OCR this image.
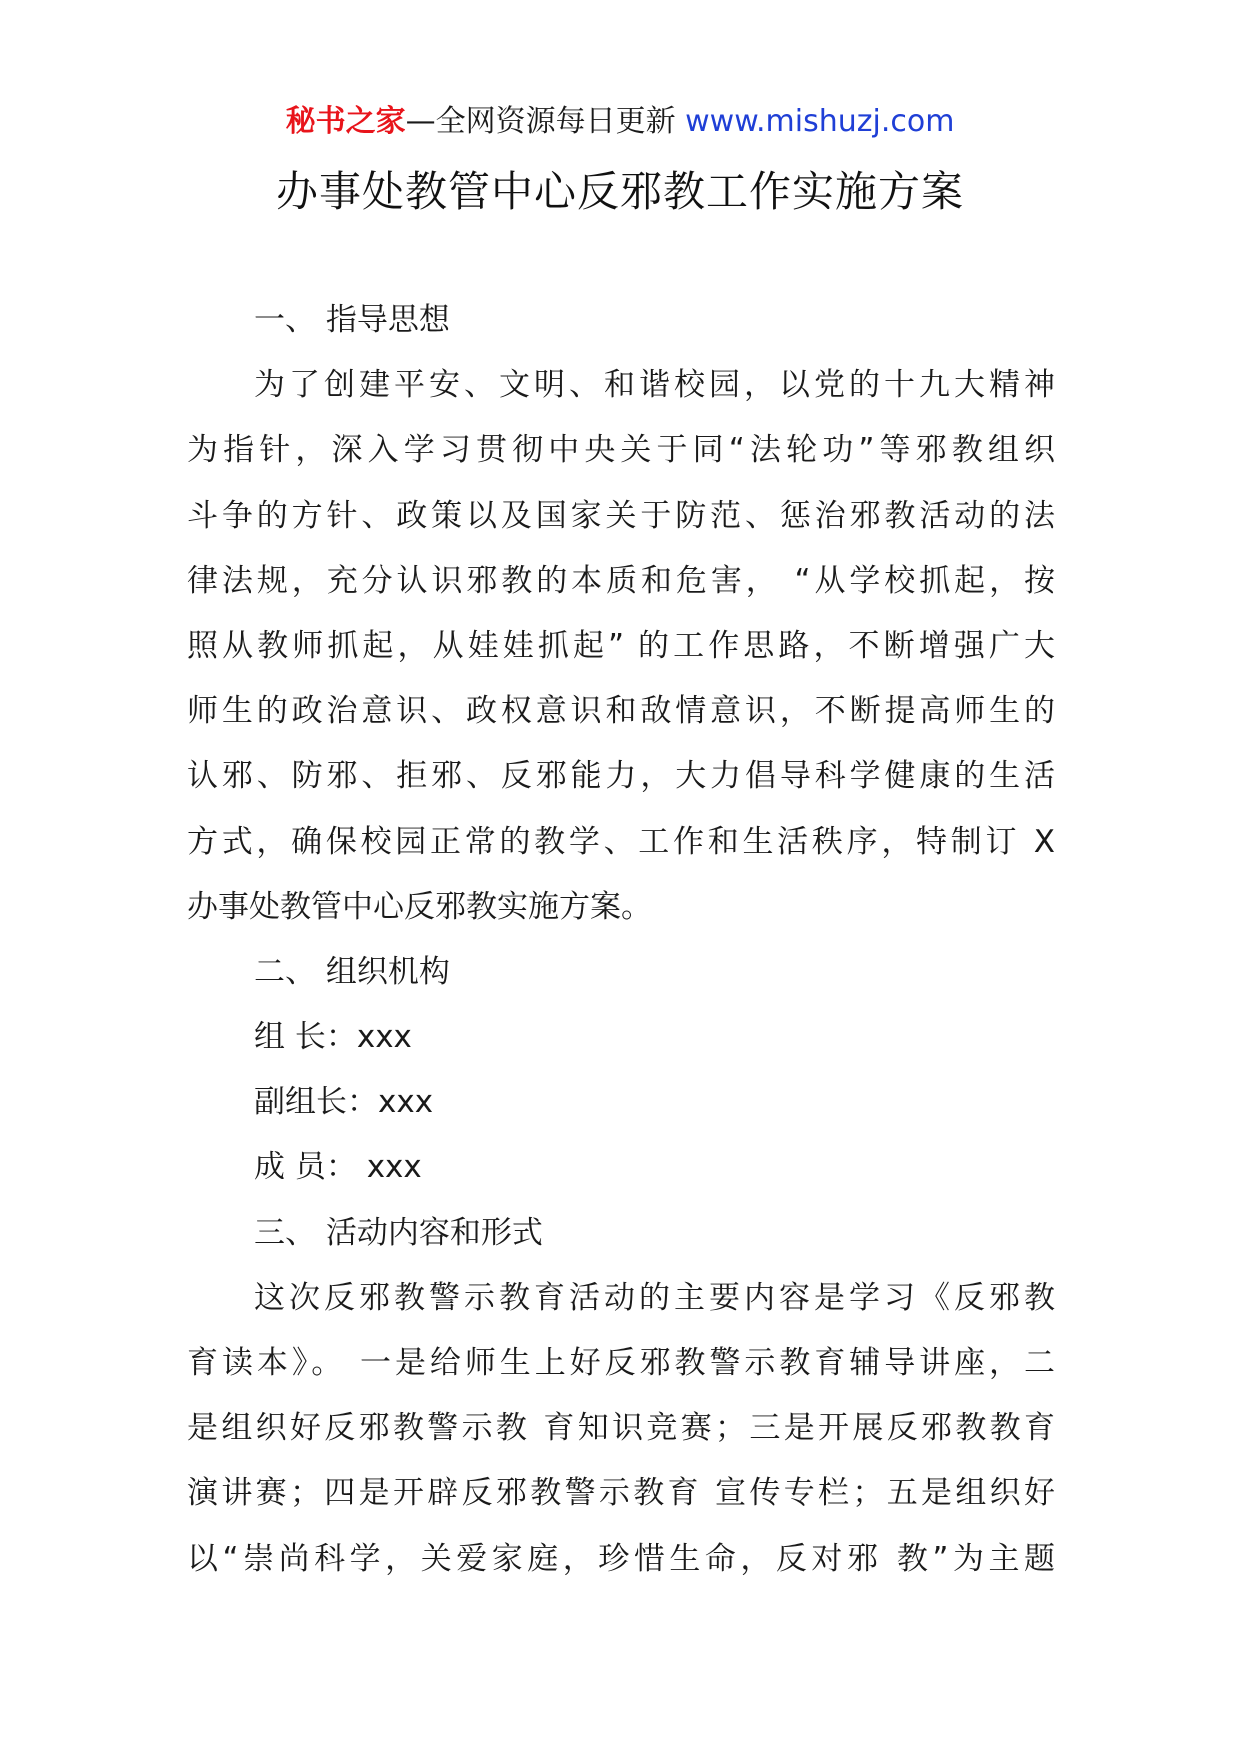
秘书之家—全网资源每日更新 www.mishuzj.com
办事处教管中心反邪教工作实施方案
一、 指导思想
为了创建平安、文明、和谐校园，以党的十九大精神
为指针，深入学习贯彻中央关于同“法轮功”等邪教组织
斗争的方针、政策以及国家关于防范、惩治邪教活动的法
律法规，充分认识邪教的本质和危害， “从学校抓起，按
照从教师抓起，从娃娃抓起” 的工作思路，不断增强广大
师生的政治意识、政权意识和敌情意识，不断提高师生的
认邪、防邪、拒邪、反邪能力，大力倡导科学健康的生活
方式，确保校园正常的教学、工作和生活秩序，特制订 X
办事处教管中心反邪教实施方案。
二、 组织机构
组 长：xxx
副组长：xxx
成 员： xxx
三、 活动内容和形式
这次反邪教警示教育活动的主要内容是学习《反邪教
育读本》。 一是给师生上好反邪教警示教育辅导讲座，二
是组织好反邪教警示教 育知识竞赛；三是开展反邪教教育
演讲赛；四是开辟反邪教警示教育 宣传专栏；五是组织好
以“崇尚科学，关爱家庭，珍惜生命，反对邪 教”为主题
